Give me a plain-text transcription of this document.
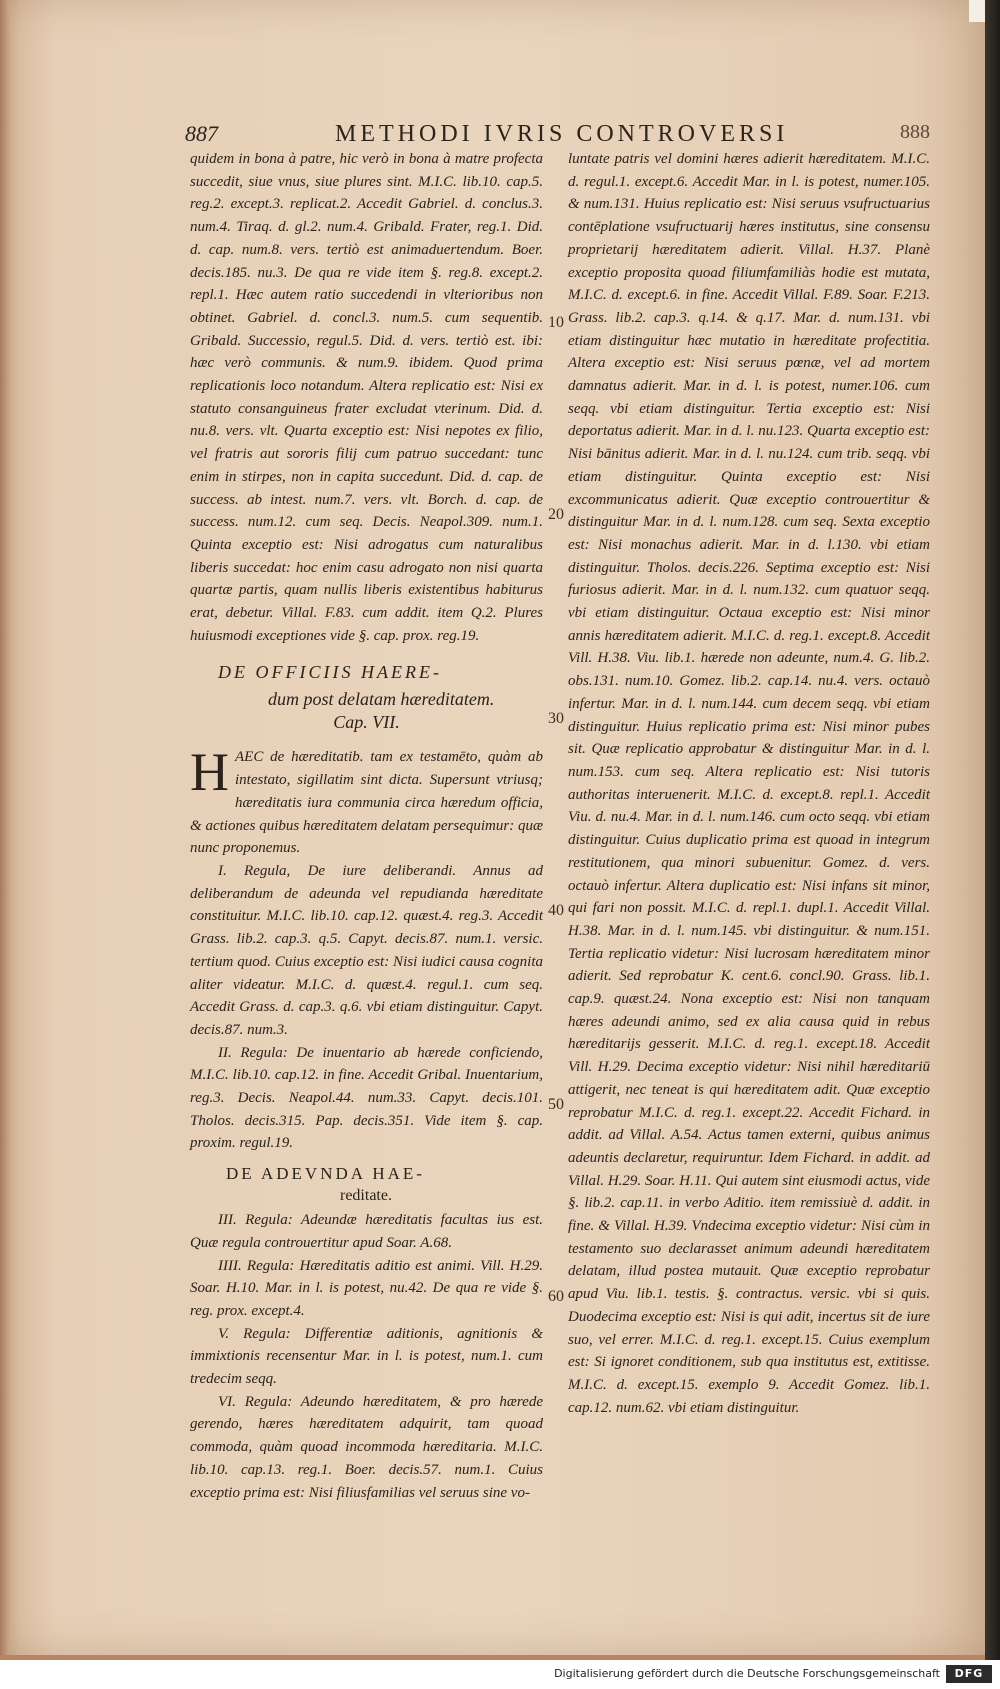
887	METHODI IVRIS CONTROVERSI	888

quidem in bona à patre, hic verò in bona à matre profecta succedit, siue vnus, siue plures sint. M.I.C. lib.10. cap.5. reg.2. except.3. replicat.2. Accedit Gabriel. d. conclus.3. num.4. Tiraq. d. gl.2. num.4. Gribald. Frater, reg.1. Did. d. cap. num.8. vers. tertiò est animaduertendum. Boer. decis.185. nu.3. De qua re vide item §. reg.8. except.2. repl.1. Hæc autem ratio succedendi in vlterioribus non obtinet. Gabriel. d. concl.3. num.5. cum sequentib. Gribald. Successio, regul.5. Did. d. vers. tertiò est. ibi: hæc verò communis. & num.9. ibidem. Quod prima replicationis loco notandum. Altera replicatio est: Nisi ex statuto consanguineus frater excludat vterinum. Did. d. nu.8. vers. vlt. Quarta exceptio est: Nisi nepotes ex filio, vel fratris aut sororis filij cum patruo succedant: tunc enim in stirpes, non in capita succedunt. Did. d. cap. de success. ab intest. num.7. vers. vlt. Borch. d. cap. de success. num.12. cum seq. Decis. Neapol.309. num.1. Quinta exceptio est: Nisi adrogatus cum naturalibus liberis succedat: hoc enim casu adrogato non nisi quarta quartæ partis, quam nullis liberis existentibus habiturus erat, debetur. Villal. F.83. cum addit. item Q.2. Plures huiusmodi exceptiones vide §. cap. prox. reg.19.

DE OFFICIIS HAERE-

dum post delatam hæreditatem.

Cap. VII.

H AEC de hæreditatib. tam ex testamēto, quàm ab intestato, sigillatim sint dicta. Supersunt vtriusq; hæreditatis iura communia circa hæredum officia, & actiones quibus hæreditatem delatam persequimur: quæ nunc proponemus.

I. Regula, De iure deliberandi. Annus ad deliberandum de adeunda vel repudianda hæreditate constituitur. M.I.C. lib.10. cap.12. quæst.4. reg.3. Accedit Grass. lib.2. cap.3. q.5. Capyt. decis.87. num.1. versic. tertium quod. Cuius exceptio est: Nisi iudici causa cognita aliter videatur. M.I.C. d. quæst.4. regul.1. cum seq. Accedit Grass. d. cap.3. q.6. vbi etiam distinguitur. Capyt. decis.87. num.3.

II. Regula: De inuentario ab hærede conficiendo, M.I.C. lib.10. cap.12. in fine. Accedit Gribal. Inuentarium, reg.3. Decis. Neapol.44. num.33. Capyt. decis.101. Tholos. decis.315. Pap. decis.351. Vide item §. cap. proxim. regul.19.

DE ADEVNDA HAE-

reditate.

III. Regula: Adeundæ hæreditatis facultas ius est. Quæ regula controuertitur apud Soar. A.68.

IIII. Regula: Hæreditatis aditio est animi. Vill. H.29. Soar. H.10. Mar. in l. is potest, nu.42. De qua re vide §. reg. prox. except.4.

V. Regula: Differentiæ aditionis, agnitionis & immixtionis recensentur Mar. in l. is potest, num.1. cum tredecim seqq.

VI. Regula: Adeundo hæreditatem, & pro hærede gerendo, hæres hæreditatem adquirit, tam quoad commoda, quàm quoad incommoda hæreditaria. M.I.C. lib.10. cap.13. reg.1. Boer. decis.57. num.1. Cuius exceptio prima est: Nisi filiusfamilias vel seruus sine vo-

10
20
30
40
50
60

luntate patris vel domini hæres adierit hæreditatem. M.I.C. d. regul.1. except.6. Accedit Mar. in l. is potest, numer.105. & num.131. Huius replicatio est: Nisi seruus vsufructuarius contēplatione vsufructuarij hæres institutus, sine consensu proprietarij hæreditatem adierit. Villal. H.37. Planè exceptio proposita quoad filiumfamiliàs hodie est mutata, M.I.C. d. except.6. in fine. Accedit Villal. F.89. Soar. F.213. Grass. lib.2. cap.3. q.14. & q.17. Mar. d. num.131. vbi etiam distinguitur hæc mutatio in hæreditate profectitia. Altera exceptio est: Nisi seruus pœnæ, vel ad mortem damnatus adierit. Mar. in d. l. is potest, numer.106. cum seqq. vbi etiam distinguitur. Tertia exceptio est: Nisi deportatus adierit. Mar. in d. l. nu.123. Quarta exceptio est: Nisi bānitus adierit. Mar. in d. l. nu.124. cum trib. seqq. vbi etiam distinguitur. Quinta exceptio est: Nisi excommunicatus adierit. Quæ exceptio controuertitur & distinguitur Mar. in d. l. num.128. cum seq. Sexta exceptio est: Nisi monachus adierit. Mar. in d. l.130. vbi etiam distinguitur. Tholos. decis.226. Septima exceptio est: Nisi furiosus adierit. Mar. in d. l. num.132. cum quatuor seqq. vbi etiam distinguitur. Octaua exceptio est: Nisi minor annis hæreditatem adierit. M.I.C. d. reg.1. except.8. Accedit Vill. H.38. Viu. lib.1. hærede non adeunte, num.4. G. lib.2. obs.131. num.10. Gomez. lib.2. cap.14. nu.4. vers. octauò infertur. Mar. in d. l. num.144. cum decem seqq. vbi etiam distinguitur. Huius replicatio prima est: Nisi minor pubes sit. Quæ replicatio approbatur & distinguitur Mar. in d. l. num.153. cum seq. Altera replicatio est: Nisi tutoris authoritas interuenerit. M.I.C. d. except.8. repl.1. Accedit Viu. d. nu.4. Mar. in d. l. num.146. cum octo seqq. vbi etiam distinguitur. Cuius duplicatio prima est quoad in integrum restitutionem, qua minori subuenitur. Gomez. d. vers. octauò infertur. Altera duplicatio est: Nisi infans sit minor, qui fari non possit. M.I.C. d. repl.1. dupl.1. Accedit Villal. H.38. Mar. in d. l. num.145. vbi distinguitur. & num.151. Tertia replicatio videtur: Nisi lucrosam hæreditatem minor adierit. Sed reprobatur K. cent.6. concl.90. Grass. lib.1. cap.9. quæst.24. Nona exceptio est: Nisi non tanquam hæres adeundi animo, sed ex alia causa quid in rebus hæreditarijs gesserit. M.I.C. d. reg.1. except.18. Accedit Vill. H.29. Decima exceptio videtur: Nisi nihil hæreditariū attigerit, nec teneat is qui hæreditatem adit. Quæ exceptio reprobatur M.I.C. d. reg.1. except.22. Accedit Fichard. in addit. ad Villal. A.54. Actus tamen externi, quibus animus adeuntis declaretur, requiruntur. Idem Fichard. in addit. ad Villal. H.29. Soar. H.11. Qui autem sint eiusmodi actus, vide §. lib.2. cap.11. in verbo Aditio. item remissiuè d. addit. in fine. & Villal. H.39. Vndecima exceptio videtur: Nisi cùm in testamento suo declarasset animum adeundi hæreditatem delatam, illud postea mutauit. Quæ exceptio reprobatur apud Viu. lib.1. testis. §. contractus. versic. vbi si quis. Duodecima exceptio est: Nisi is qui adit, incertus sit de iure suo, vel errer. M.I.C. d. reg.1. except.15. Cuius exemplum est: Si ignoret conditionem, sub qua institutus est, extitisse. M.I.C. d. except.15. exemplo 9. Accedit Gomez. lib.1. cap.12. num.62. vbi etiam distinguitur.

Digitalisierung gefördert durch die Deutsche Forschungsgemeinschaft	DFG
